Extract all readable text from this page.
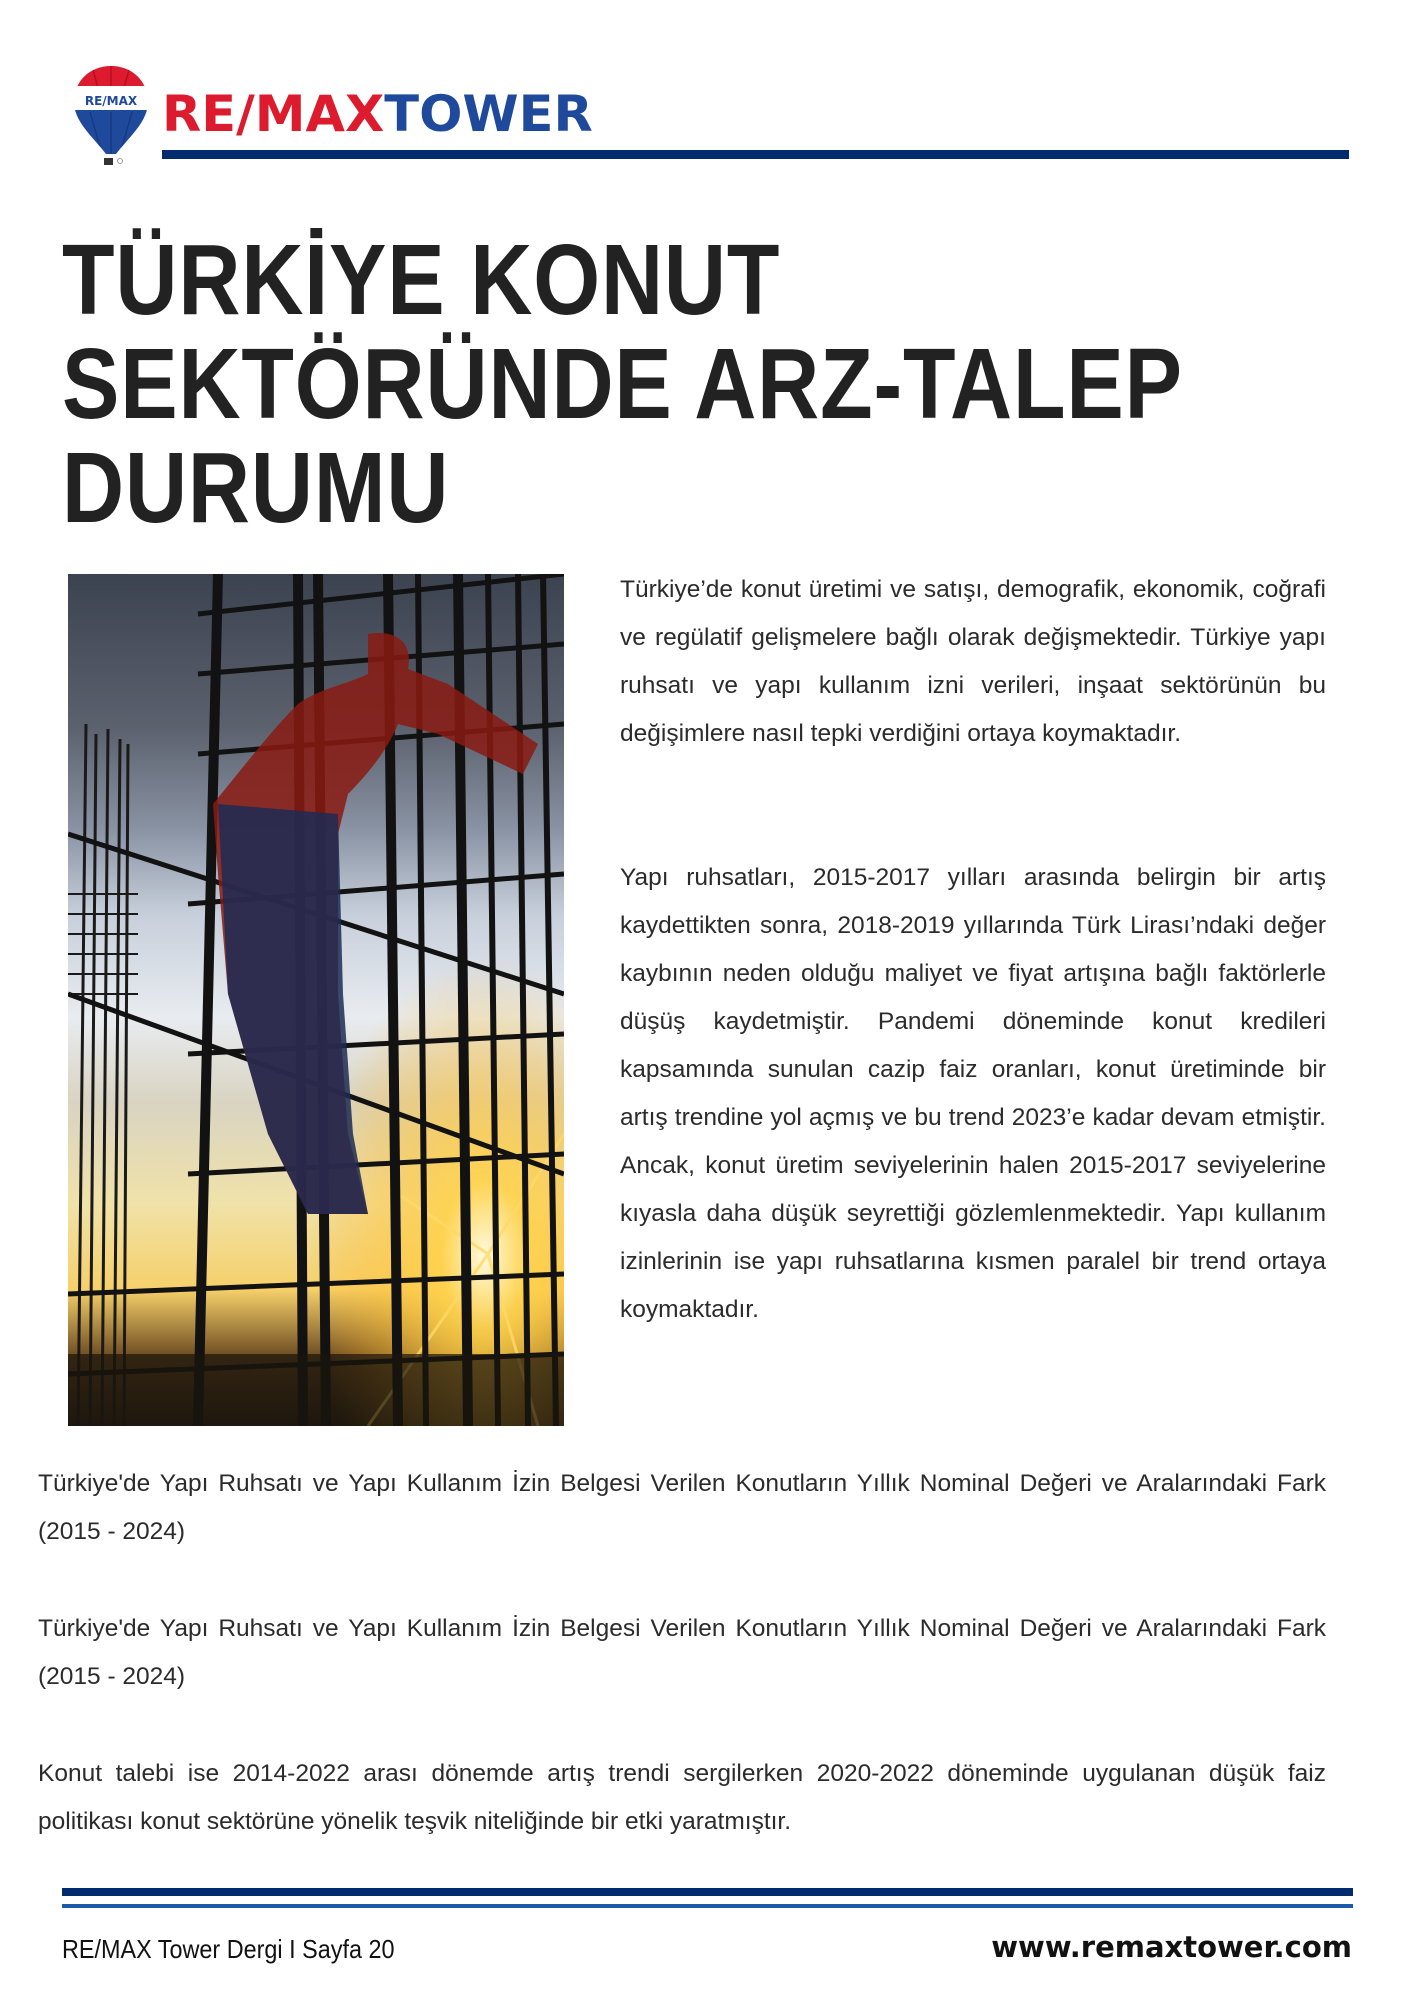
RE/MAX RE/MAXTOWER
TÜRKİYE KONUT
SEKTÖRÜNDE ARZ-TALEP
DURUMU

Türkiye’de konut üretimi ve satışı, demografik, ekonomik, coğrafi ve regülatif gelişmelere bağlı olarak değişmektedir. Türkiye yapı ruhsatı ve yapı kullanım izni verileri, inşaat sektörünün bu değişimlere nasıl tepki verdiğini ortaya koymaktadır.

Yapı ruhsatları, 2015-2017 yılları arasında belirgin bir artış kaydettikten sonra, 2018-2019 yıllarında Türk Lirası’ndaki değer kaybının neden olduğu maliyet ve fiyat artışına bağlı faktörlerle düşüş kaydetmiştir. Pandemi döneminde konut kredileri kapsamında sunulan cazip faiz oranları, konut üretiminde bir artış trendine yol açmış ve bu trend 2023’e kadar devam etmiştir. Ancak, konut üretim seviyelerinin halen 2015-2017 seviyelerine kıyasla daha düşük seyrettiği gözlemlenmektedir. Yapı kullanım izinlerinin ise yapı ruhsatlarına kısmen paralel bir trend ortaya koymaktadır.

Türkiye'de Yapı Ruhsatı ve Yapı Kullanım İzin Belgesi Verilen Konutların Yıllık Nominal Değeri ve Aralarındaki Fark (2015 - 2024)

Türkiye'de Yapı Ruhsatı ve Yapı Kullanım İzin Belgesi Verilen Konutların Yıllık Nominal Değeri ve Aralarındaki Fark (2015 - 2024)

Konut talebi ise 2014-2022 arası dönemde artış trendi sergilerken 2020-2022 döneminde uygulanan düşük faiz politikası konut sektörüne yönelik teşvik niteliğinde bir etki yaratmıştır.

RE/MAX Tower Dergi I Sayfa 20	www.remaxtower.com
